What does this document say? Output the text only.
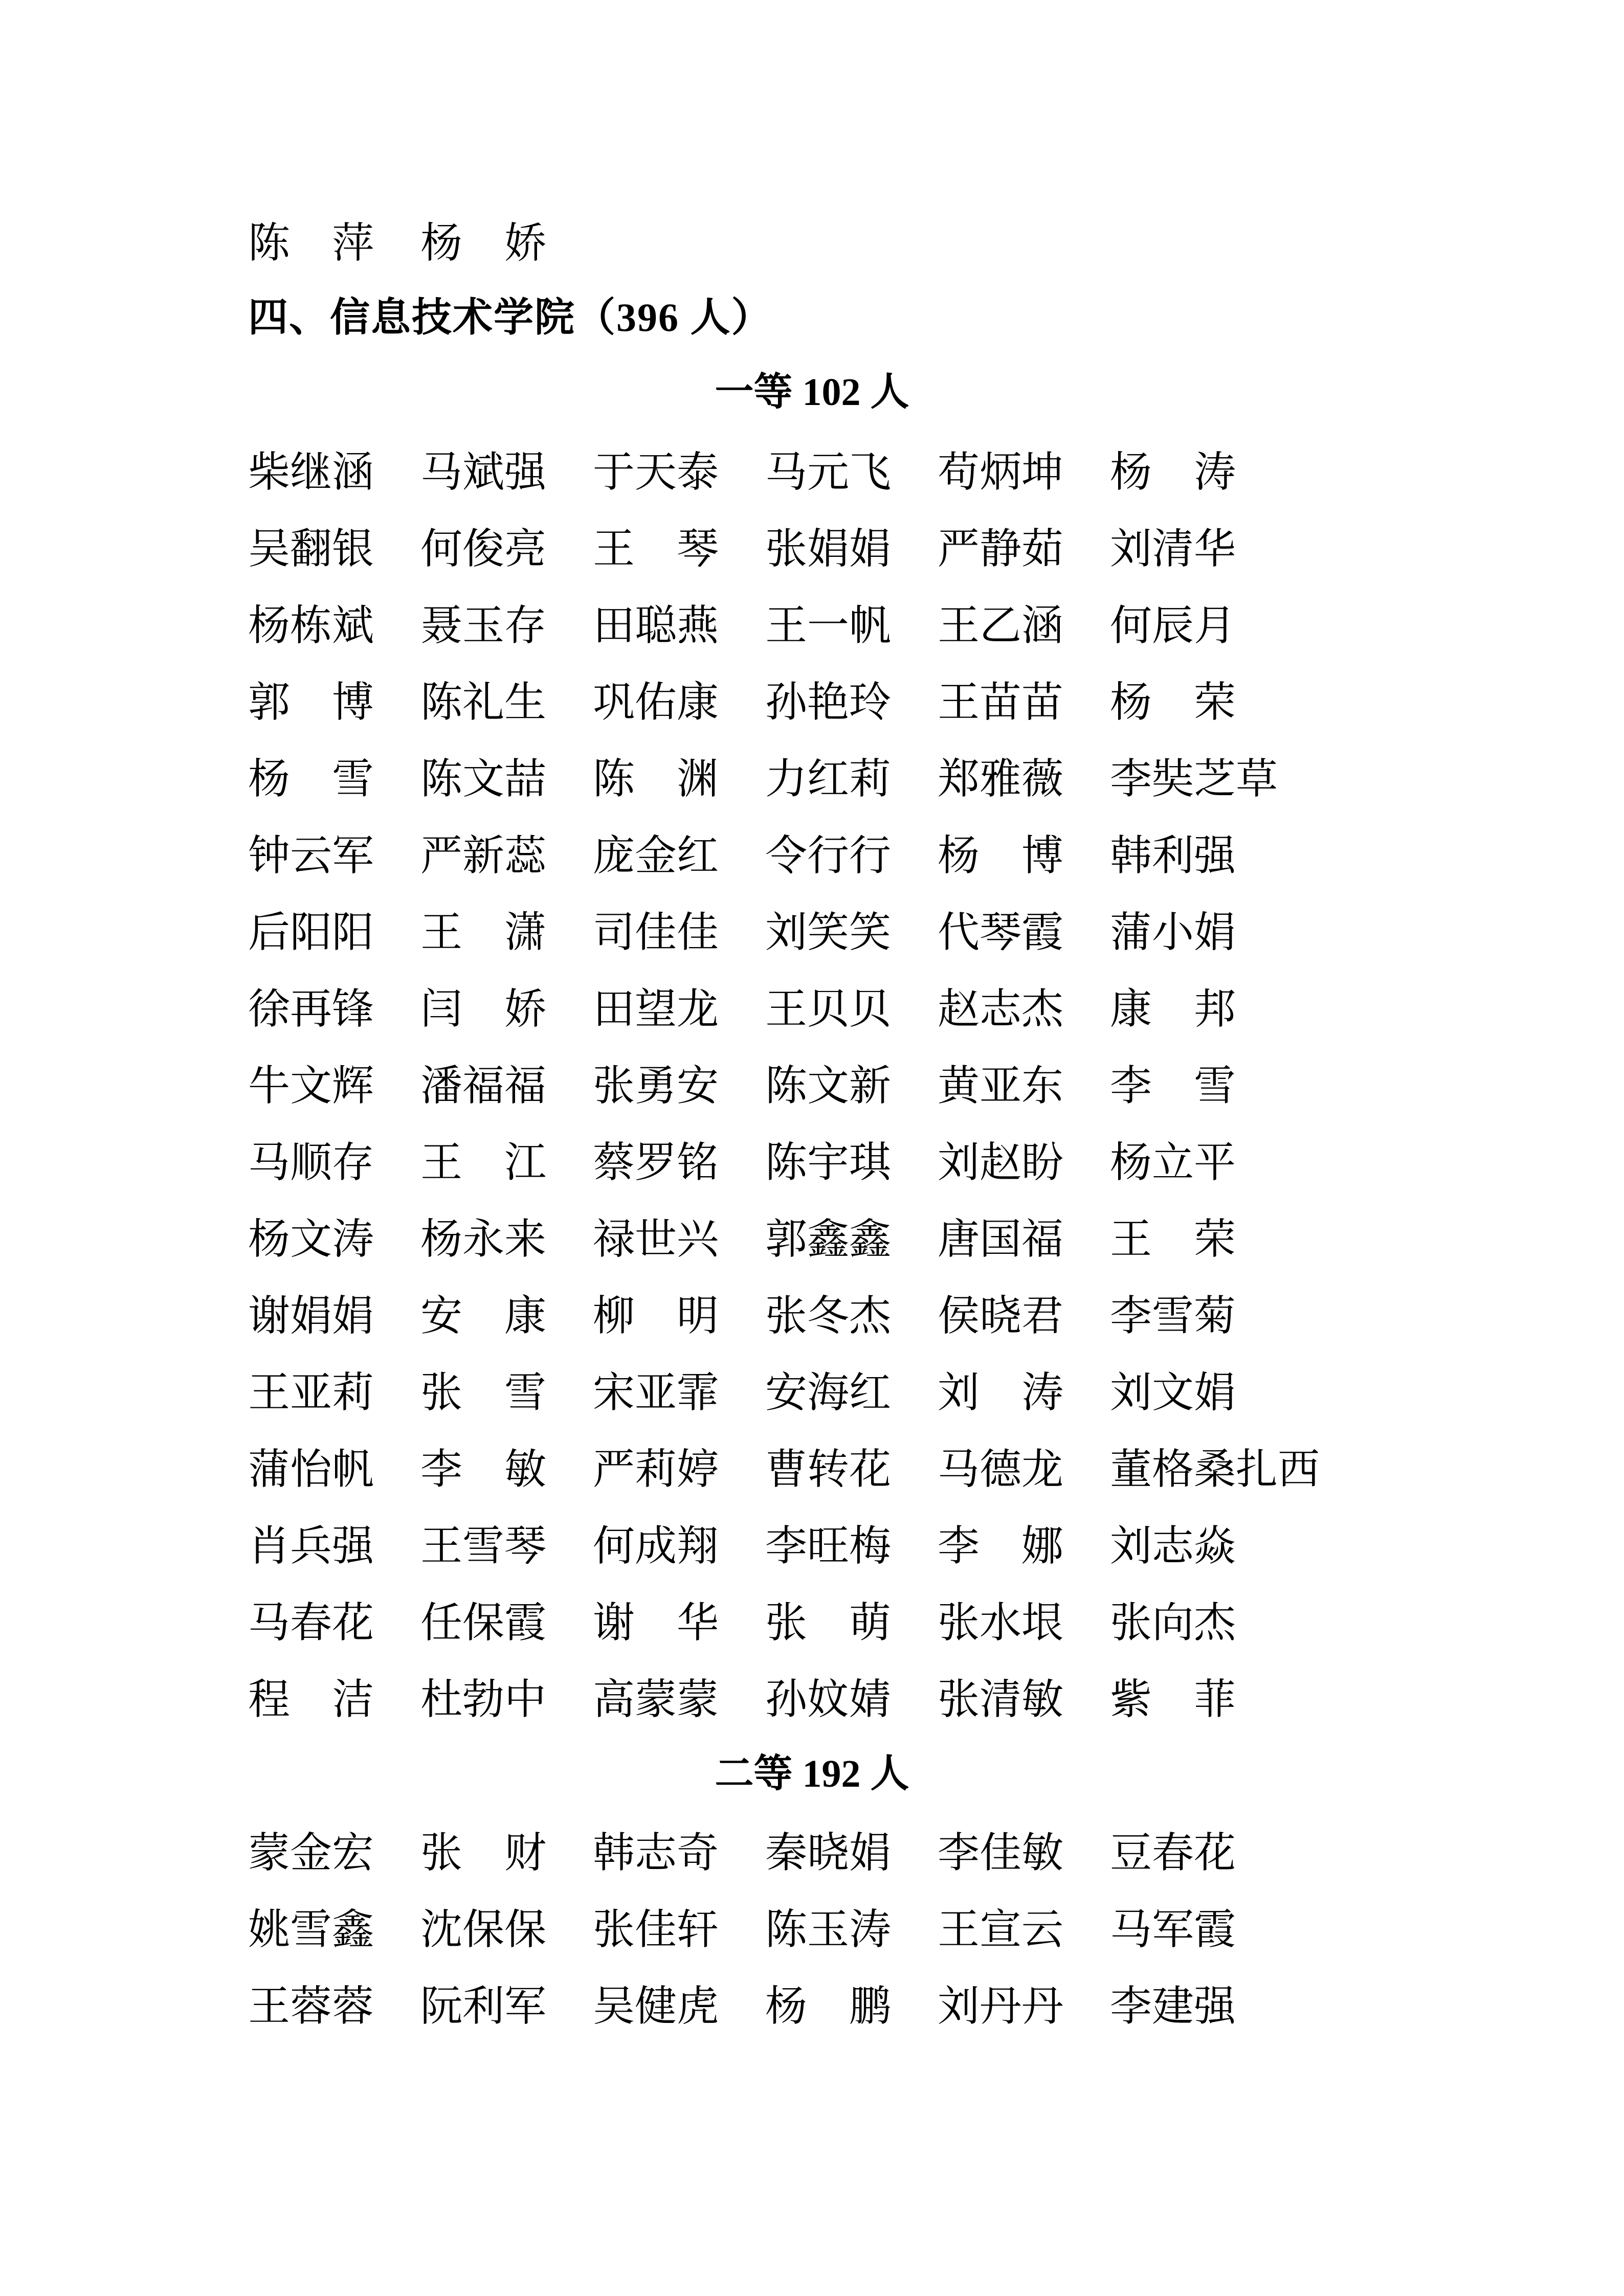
陈　萍 杨　娇
四、信息技术学院（396 人）
一等 102 人
柴继涵 马斌强 于天泰 马元飞 苟炳坤 杨　涛
吴翻银 何俊亮 王　琴 张娟娟 严静茹 刘清华
杨栋斌 聂玉存 田聪燕 王一帆 王乙涵 何辰月
郭　博 陈礼生 巩佑康 孙艳玲 王苗苗 杨　荣
杨　雪 陈文喆 陈　渊 力红莉 郑雅薇 李奘芝草
钟云军 严新蕊 庞金红 令行行 杨　博 韩利强
后阳阳 王　潇 司佳佳 刘笑笑 代琴霞 蒲小娟
徐再锋 闫　娇 田望龙 王贝贝 赵志杰 康　邦
牛文辉 潘福福 张勇安 陈文新 黄亚东 李　雪
马顺存 王　江 蔡罗铭 陈宇琪 刘赵盼 杨立平
杨文涛 杨永来 禄世兴 郭鑫鑫 唐国福 王　荣
谢娟娟 安　康 柳　明 张冬杰 侯晓君 李雪菊
王亚莉 张　雪 宋亚霏 安海红 刘　涛 刘文娟
蒲怡帆 李　敏 严莉婷 曹转花 马德龙 董格桑扎西
肖兵强 王雪琴 何成翔 李旺梅 李　娜 刘志焱
马春花 任保霞 谢　华 张　萌 张水垠 张向杰
程　洁 杜勃中 高蒙蒙 孙妏婧 张清敏 紫　菲
二等 192 人
蒙金宏 张　财 韩志奇 秦晓娟 李佳敏 豆春花
姚雪鑫 沈保保 张佳轩 陈玉涛 王宣云 马军霞
王蓉蓉 阮利军 吴健虎 杨　鹏 刘丹丹 李建强
